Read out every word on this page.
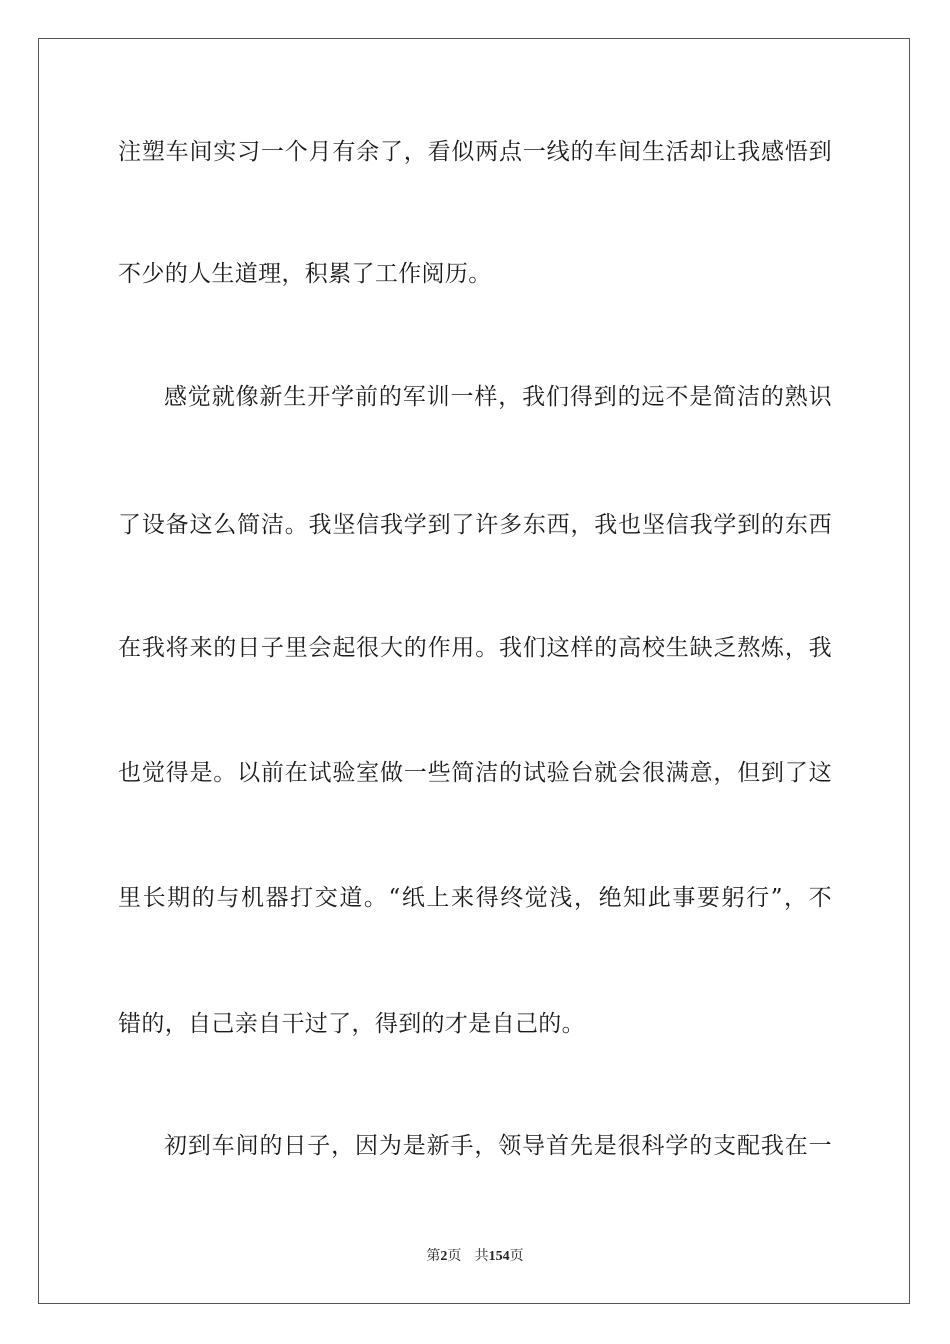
注塑车间实习一个月有余了，看似两点一线的车间生活却让我感悟到
不少的人生道理，积累了工作阅历。
感觉就像新生开学前的军训一样，我们得到的远不是简洁的熟识
了设备这么简洁。我坚信我学到了许多东西，我也坚信我学到的东西
在我将来的日子里会起很大的作用。我们这样的高校生缺乏熬炼，我
也觉得是。以前在试验室做一些简洁的试验台就会很满意，但到了这
里长期的与机器打交道。“纸上来得终觉浅，绝知此事要躬行”，不
错的，自己亲自干过了，得到的才是自己的。
初到车间的日子，因为是新手，领导首先是很科学的支配我在一
第2页 共154页
